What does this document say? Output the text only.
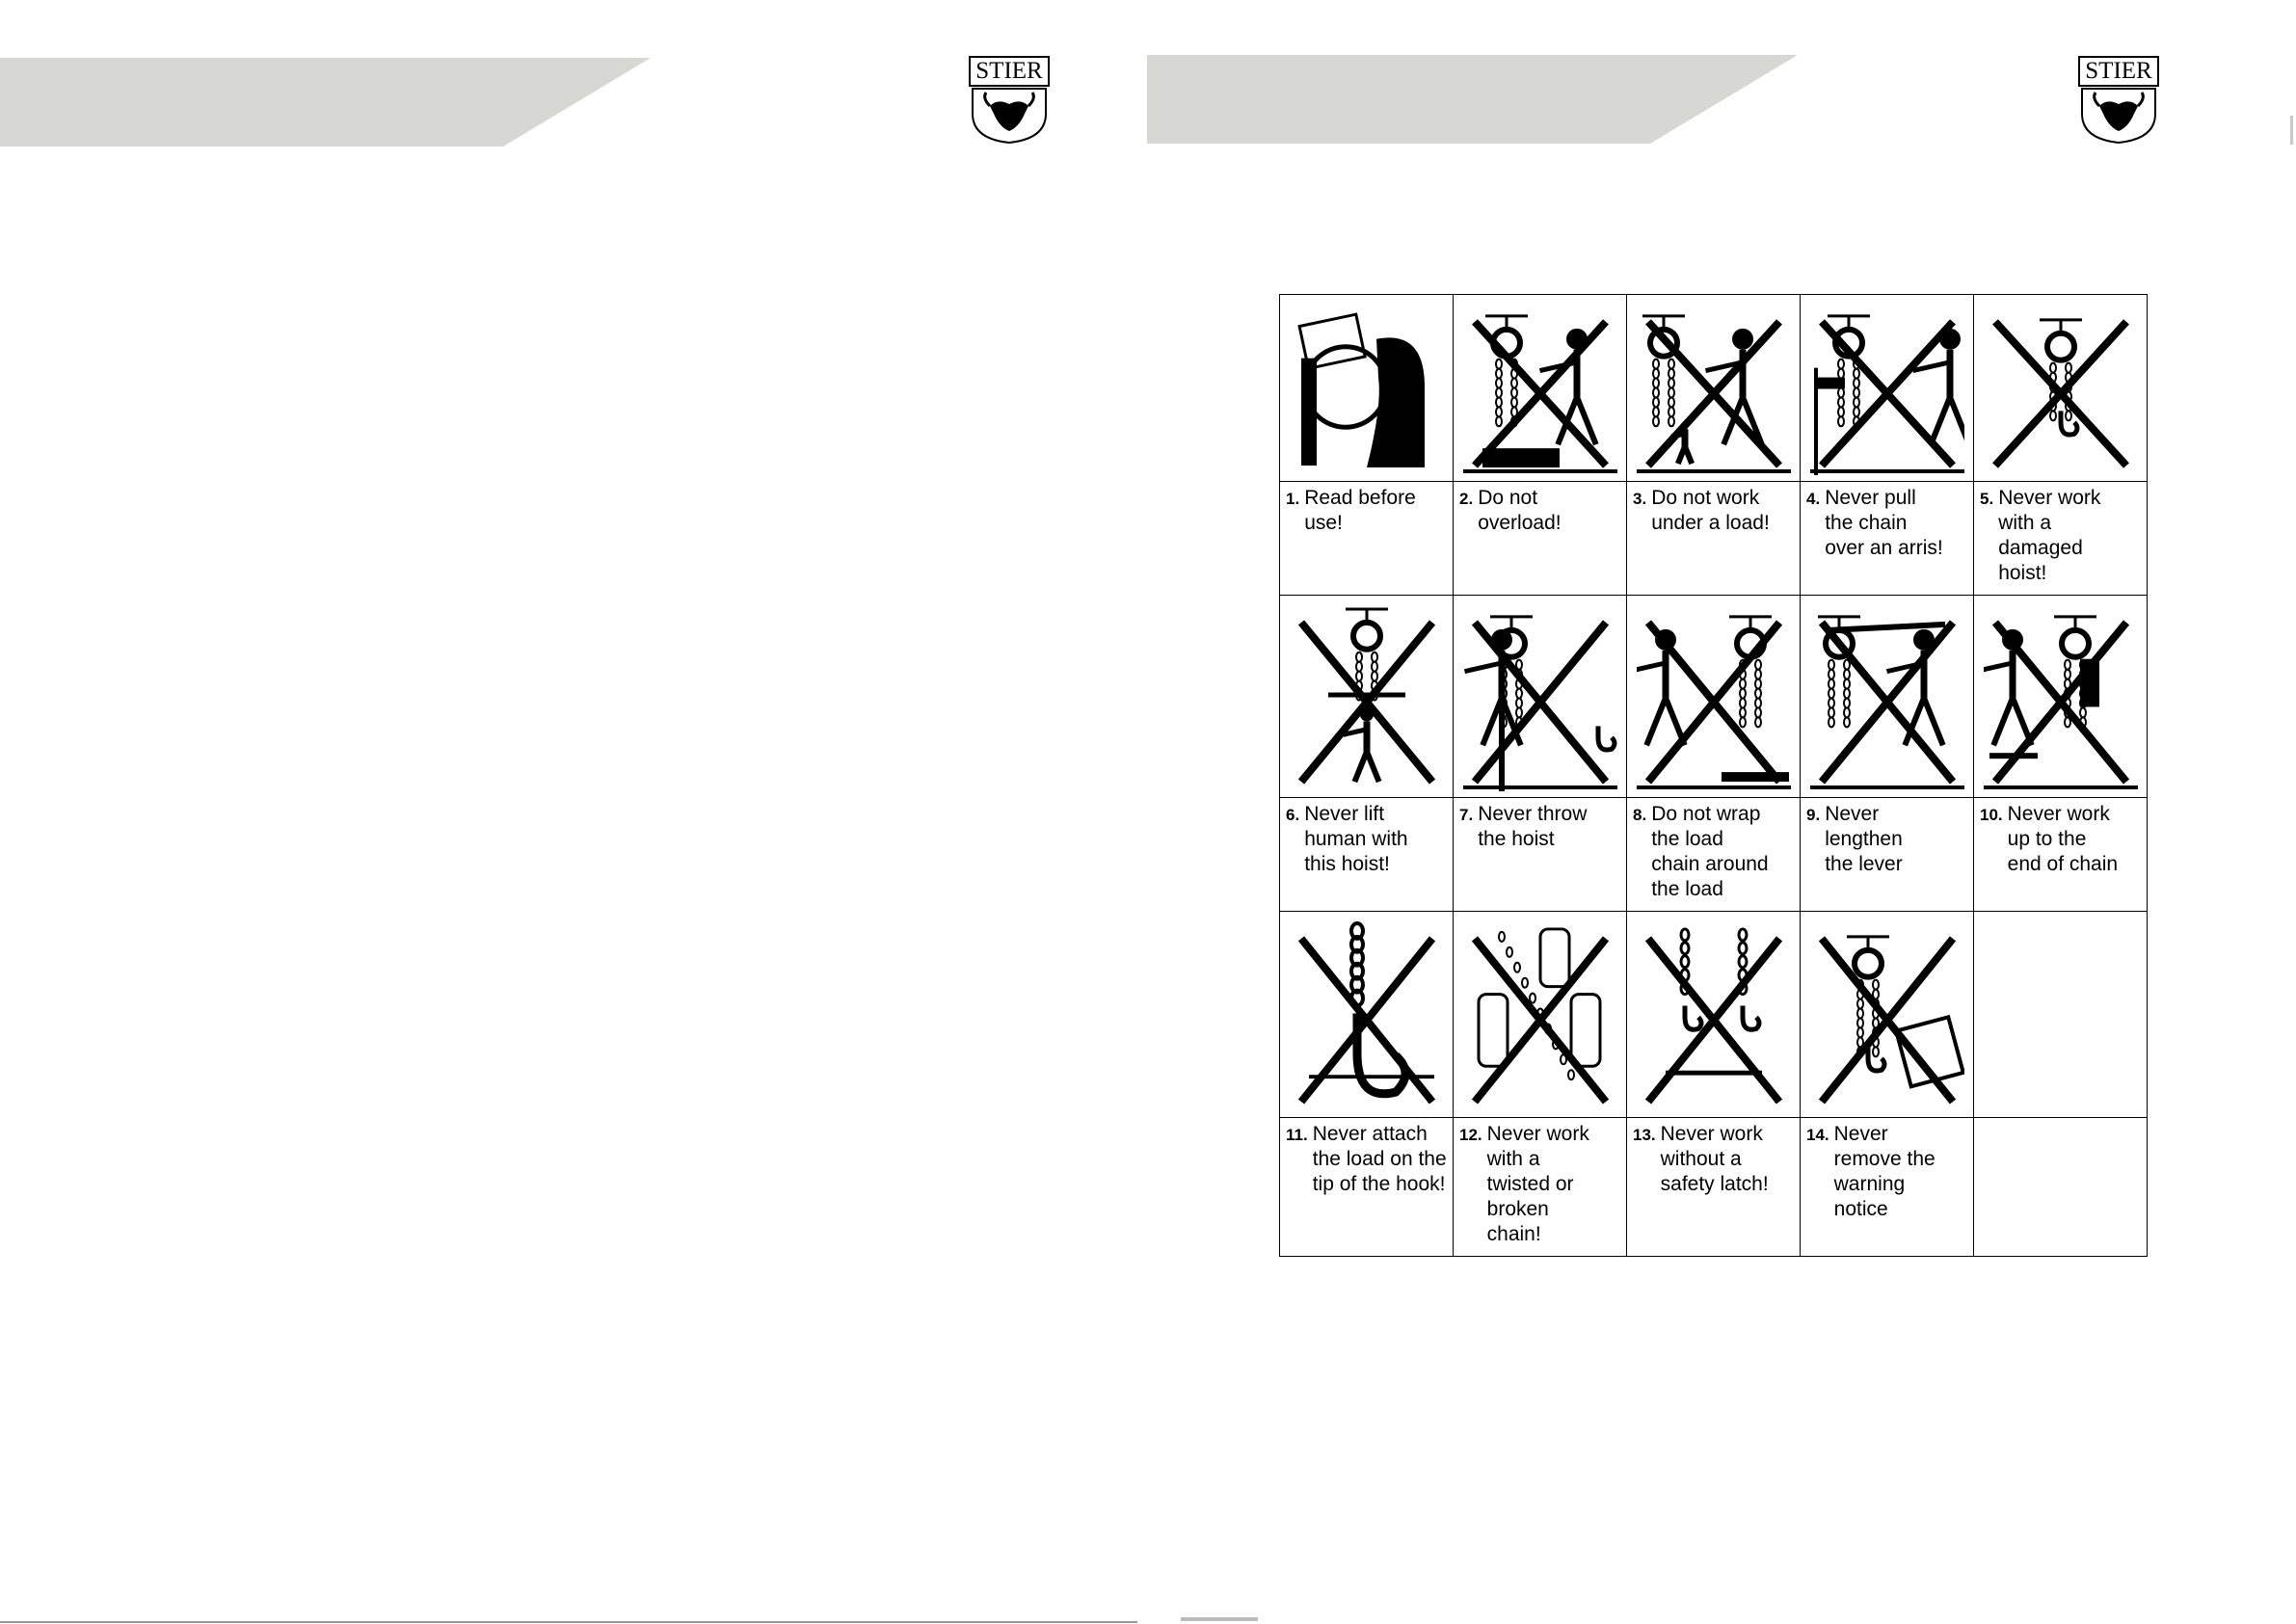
STIER	STIER
1. Read before
use!
2. Do not
overload!
3. Do not work
under a load!
4. Never pull
the chain
over an arris!
5. Never work
with a
damaged
hoist!
6. Never lift
human with
this hoist!
7. Never throw
the hoist
8. Do not wrap
the load
chain around
the load
9. Never
lengthen
the lever
10. Never work
up to the
end of chain
11. Never attach
the load on the
tip of the hook!
12. Never work
with a
twisted or
broken
chain!
13. Never work
without a
safety latch!
14. Never
remove the
warning
notice
